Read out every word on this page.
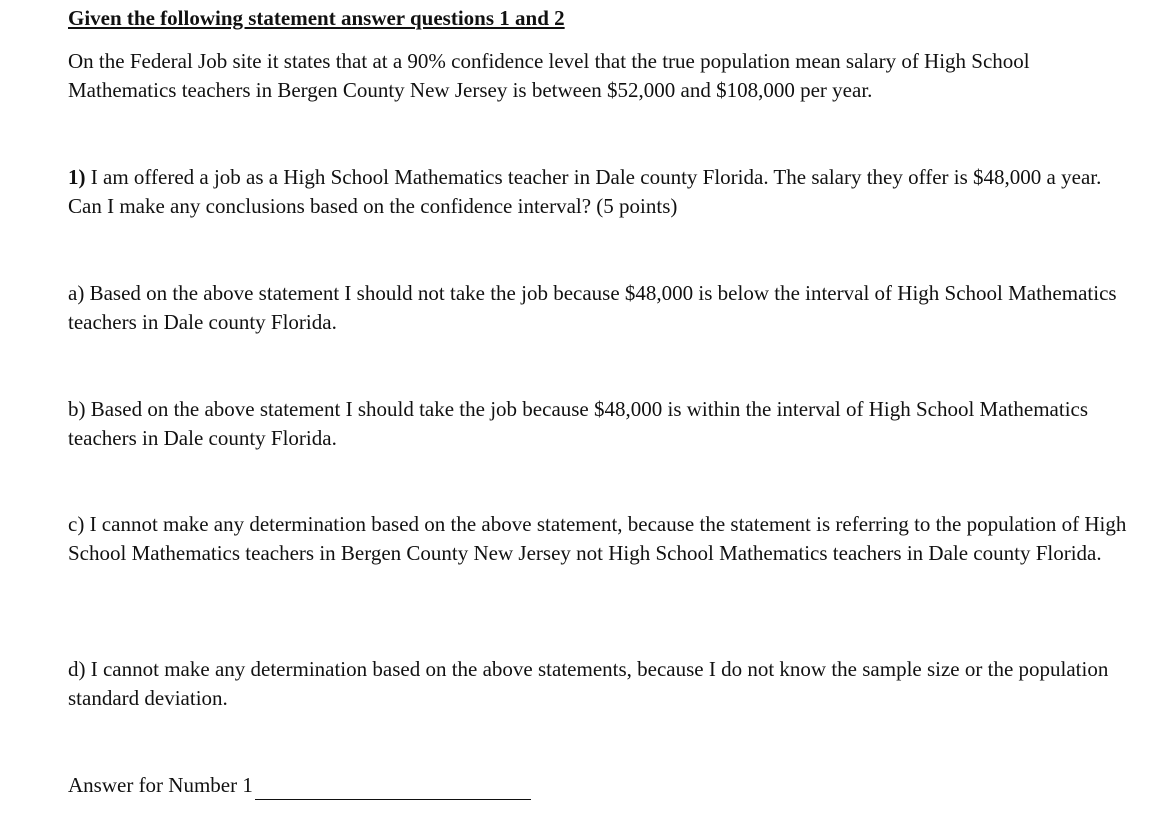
Given the following statement answer questions 1 and 2
On the Federal Job site it states that at a 90% confidence level that the true population mean salary of High School Mathematics teachers in Bergen County New Jersey is between $52,000 and $108,000 per year.
1) I am offered a job as a High School Mathematics teacher in Dale county Florida. The salary they offer is $48,000 a year. Can I make any conclusions based on the confidence interval? (5 points)
a) Based on the above statement I should not take the job because $48,000 is below the interval of High School Mathematics teachers in Dale county Florida.
b) Based on the above statement I should take the job because $48,000 is within the interval of High School Mathematics teachers in Dale county Florida.
c) I cannot make any determination based on the above statement, because the statement is referring to the population of High School Mathematics teachers in Bergen County New Jersey not High School Mathematics teachers in Dale county Florida.
d) I cannot make any determination based on the above statements, because I do not know the sample size or the population standard deviation.
Answer for Number 1
